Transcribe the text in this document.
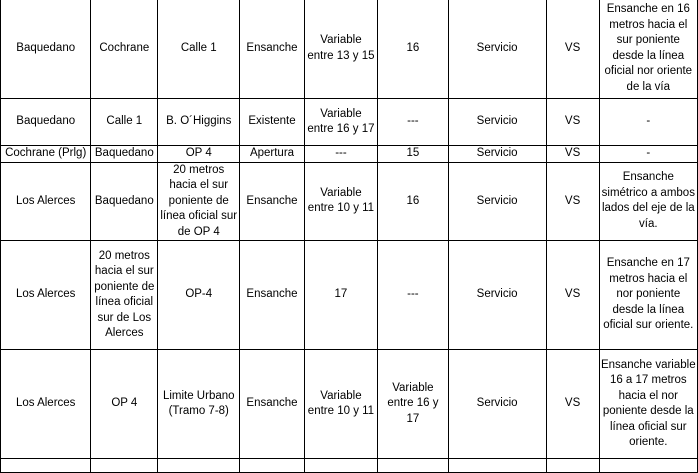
Baquedano	Cochrane	Calle 1	Ensanche	Variable entre 13 y 15	16	Servicio	VS	Ensanche en 16 metros hacia el sur poniente desde la línea oficial nor oriente de la vía
Baquedano	Calle 1	B. O´Higgins	Existente	Variable entre 16 y 17	---	Servicio	VS	-
Cochrane (Prlg)	Baquedano	OP 4	Apertura	---	15	Servicio	VS	-
Los Alerces	Baquedano	20 metros hacia el sur poniente de línea oficial sur de OP 4	Ensanche	Variable entre 10 y 11	16	Servicio	VS	Ensanche simétrico a ambos lados del eje de la vía.
Los Alerces	20 metros hacia el sur poniente de línea oficial sur de Los Alerces	OP-4	Ensanche	17	---	Servicio	VS	Ensanche en 17 metros hacia el nor poniente desde la línea oficial sur oriente.
Los Alerces	OP 4	Limite Urbano (Tramo 7-8)	Ensanche	Variable entre 10 y 11	Variable entre 16 y 17	Servicio	VS	Ensanche variable 16 a 17 metros hacia el nor poniente desde la línea oficial sur oriente.
